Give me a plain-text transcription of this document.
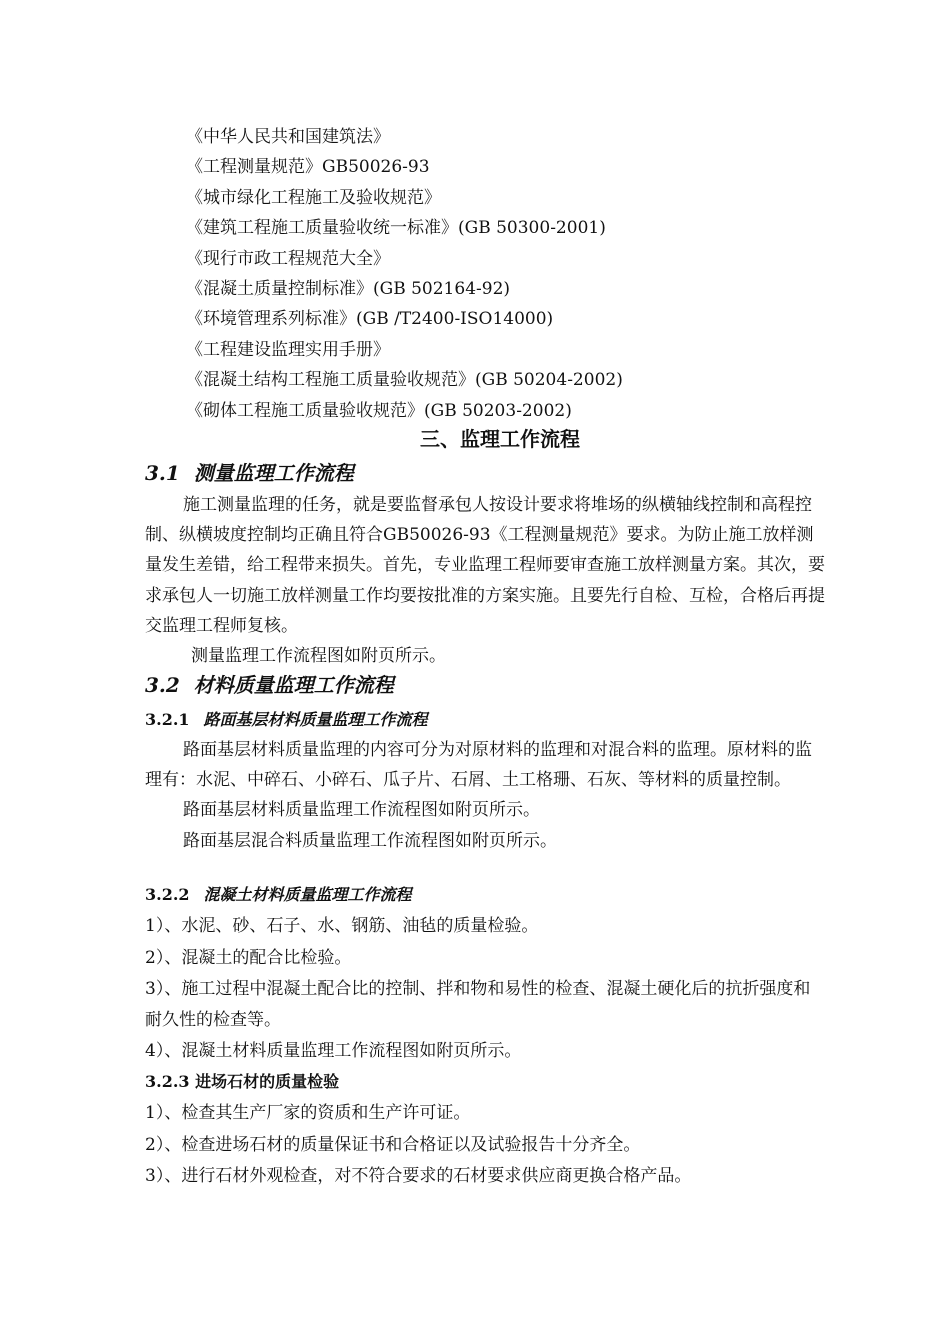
《中华人民共和国建筑法》
《工程测量规范》GB50026-93
《城市绿化工程施工及验收规范》
《建筑工程施工质量验收统一标准》(GB 50300-2001)
《现行市政工程规范大全》
《混凝土质量控制标准》(GB 502164-92)
《环境管理系列标准》(GB /T2400-ISO14000)
《工程建设监理实用手册》
《混凝土结构工程施工质量验收规范》(GB 50204-2002)
《砌体工程施工质量验收规范》(GB 50203-2002)
三、监理工作流程
3.1 测量监理工作流程

施工测量监理的任务，就是要监督承包人按设计要求将堆场的纵横轴线控制和高程控制、纵横坡度控制均正确且符合GB50026-93《工程测量规范》要求。为防止施工放样测量发生差错，给工程带来损失。首先，专业监理工程师要审查施工放样测量方案。其次，要求承包人一切施工放样测量工作均要按批准的方案实施。且要先行自检、互检，合格后再提交监理工程师复核。

测量监理工作流程图如附页所示。

3.2 材料质量监理工作流程
3.2.1 路面基层材料质量监理工作流程

路面基层材料质量监理的内容可分为对原材料的监理和对混合料的监理。原材料的监理有：水泥、中碎石、小碎石、瓜子片、石屑、土工格珊、石灰、等材料的质量控制。

路面基层材料质量监理工作流程图如附页所示。

路面基层混合料质量监理工作流程图如附页所示。

3.2.2 混凝土材料质量监理工作流程
1）、水泥、砂、石子、水、钢筋、油毡的质量检验。
2）、混凝土的配合比检验。

3）、施工过程中混凝土配合比的控制、拌和物和易性的检查、混凝土硬化后的抗折强度和耐久性的检查等。

4）、混凝土材料质量监理工作流程图如附页所示。
3.2.3 进场石材的质量检验
1）、检查其生产厂家的资质和生产许可证。
2）、检查进场石材的质量保证书和合格证以及试验报告十分齐全。
3）、进行石材外观检查，对不符合要求的石材要求供应商更换合格产品。
